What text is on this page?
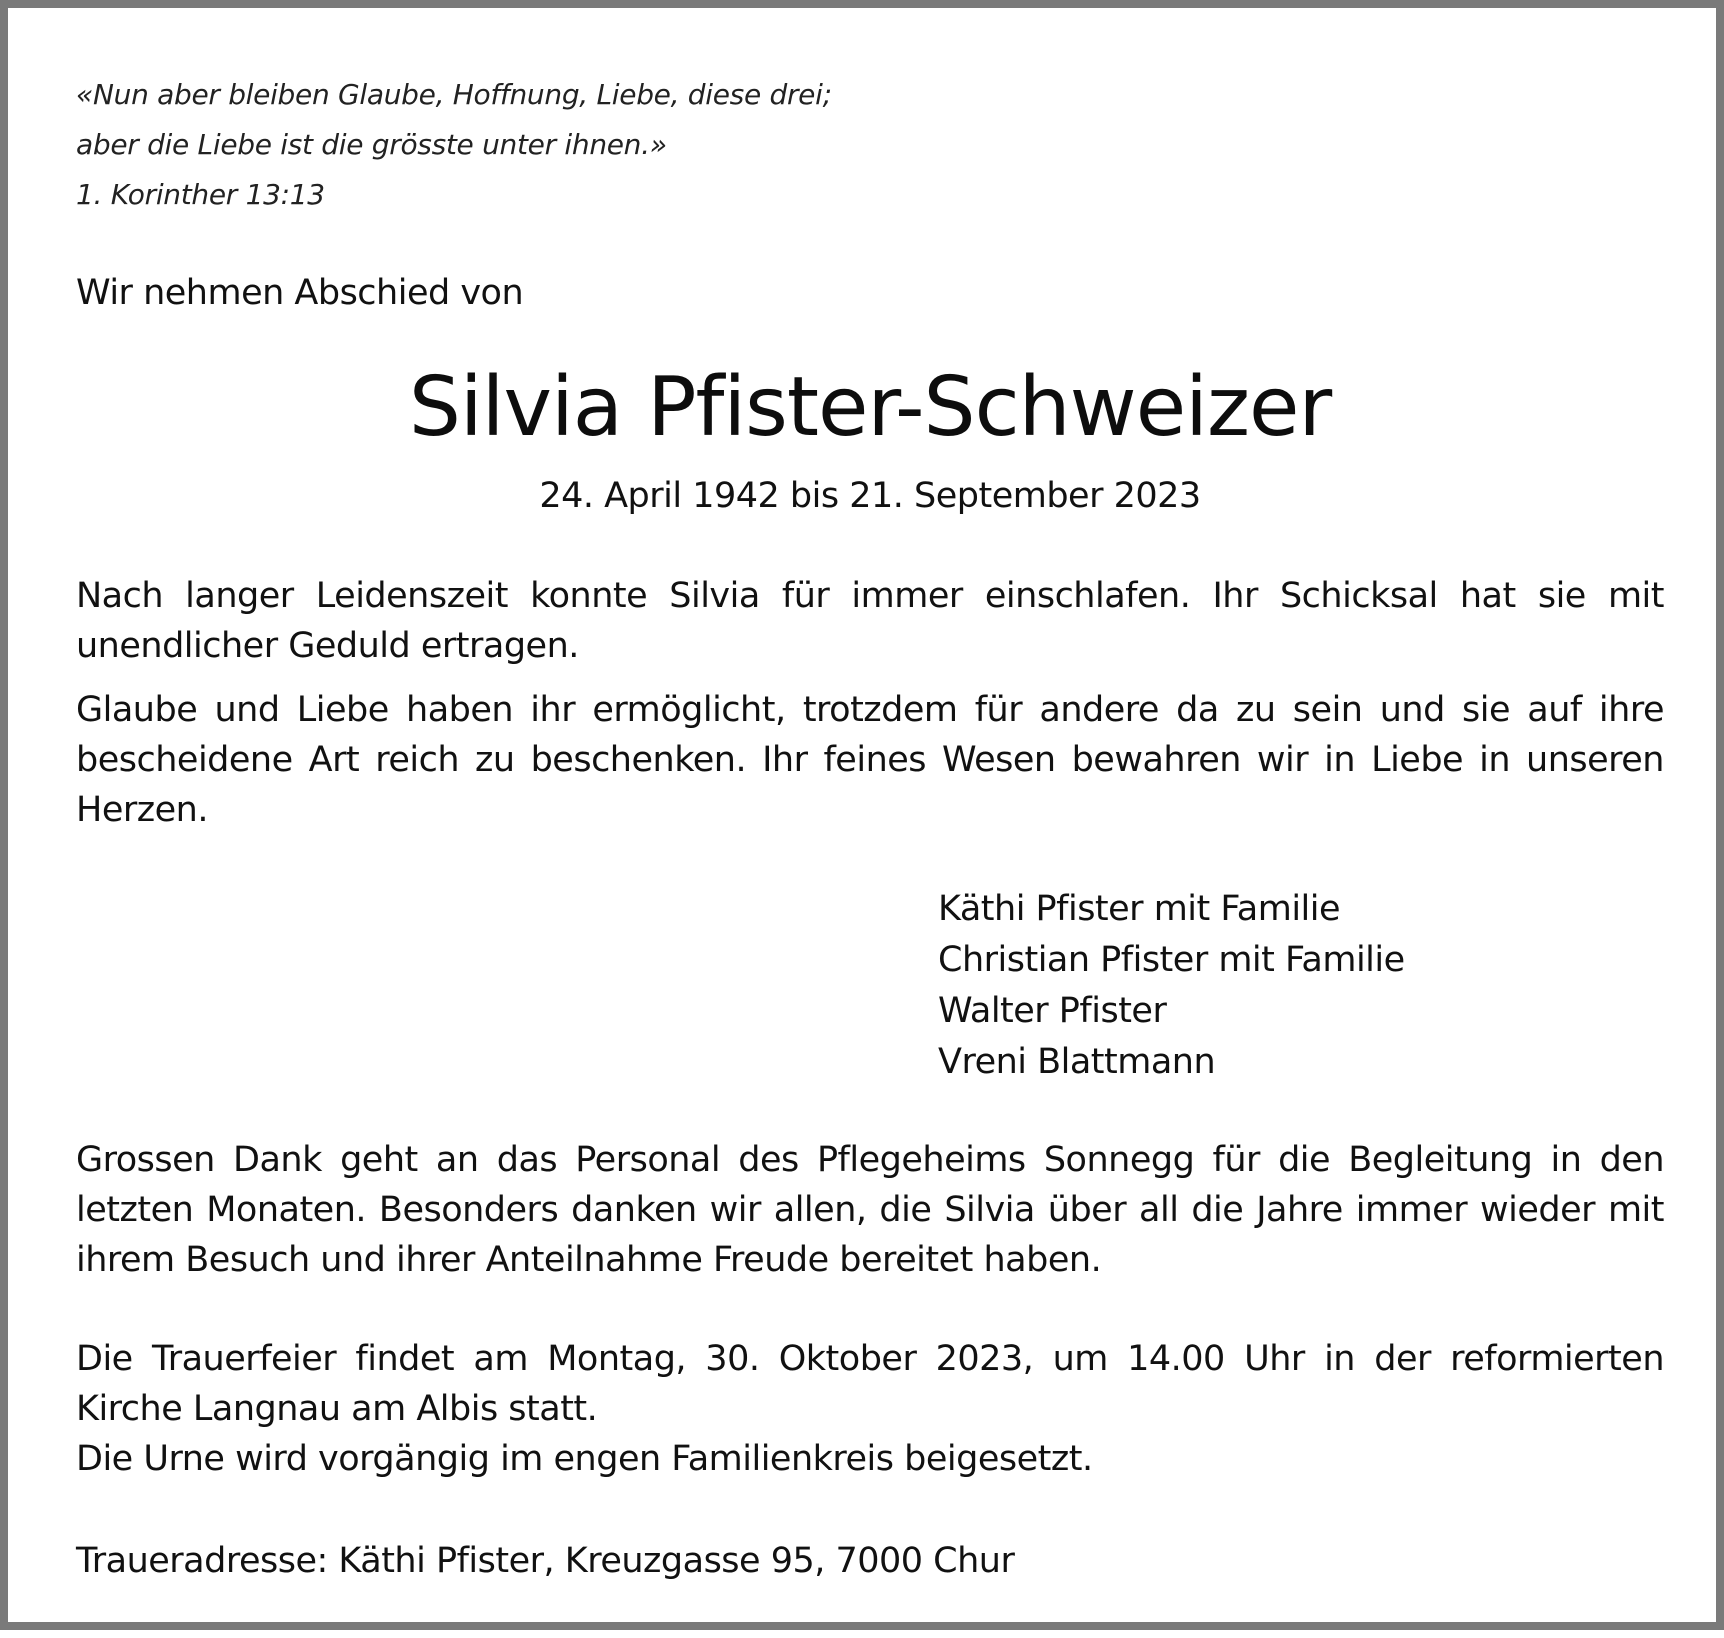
«Nun aber bleiben Glaube, Hoffnung, Liebe, diese drei;
aber die Liebe ist die grösste unter ihnen.»
1. Korinther 13:13
Wir nehmen Abschied von
Silvia Pfister-Schweizer
24. April 1942 bis 21. September 2023
Nach langer Leidenszeit konnte Silvia für immer einschlafen. Ihr Schicksal hat sie mit unendlicher Geduld ertragen.
Glaube und Liebe haben ihr ermöglicht, trotzdem für andere da zu sein und sie auf ihre bescheidene Art reich zu beschenken. Ihr feines Wesen bewahren wir in Liebe in unseren Herzen.
Käthi Pfister mit Familie
Christian Pfister mit Familie
Walter Pfister
Vreni Blattmann
Grossen Dank geht an das Personal des Pflegeheims Sonnegg für die Begleitung in den letzten Monaten. Besonders danken wir allen, die Silvia über all die Jahre immer wieder mit ihrem Besuch und ihrer Anteilnahme Freude bereitet haben.
Die Trauerfeier findet am Montag, 30. Oktober 2023, um 14.00 Uhr in der reformierten Kirche Langnau am Albis statt.
Die Urne wird vorgängig im engen Familienkreis beigesetzt.
Traueradresse: Käthi Pfister, Kreuzgasse 95, 7000 Chur
